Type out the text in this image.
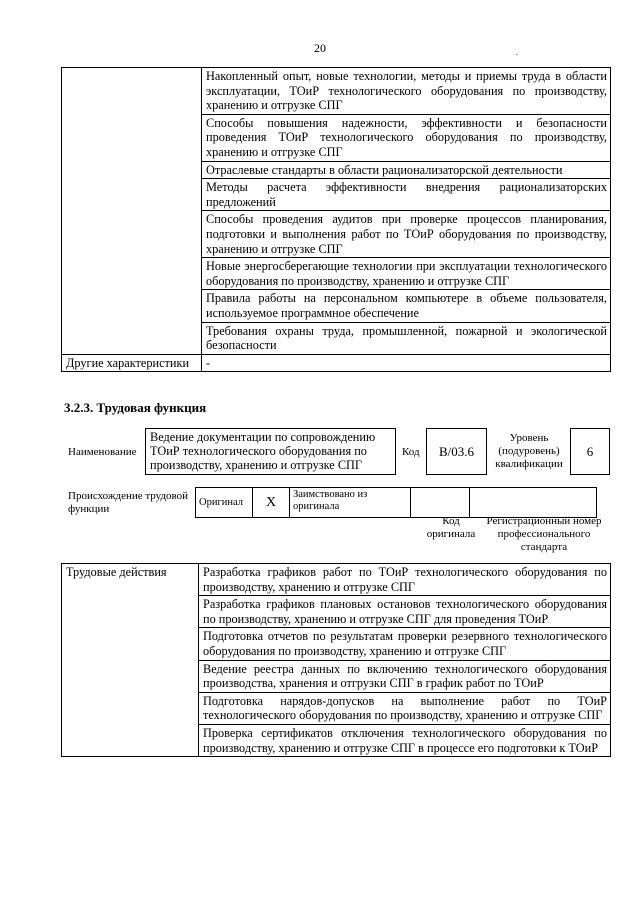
20	.
	Накопленный опыт, новые технологии, методы и приемы труда в области эксплуатации, ТОиР технологического оборудования по производству, хранению и отгрузке СПГ
	Способы повышения надежности, эффективности и безопасности проведения ТОиР технологического оборудования по производству, хранению и отгрузке СПГ
	Отраслевые стандарты в области рационализаторской деятельности
	Методы расчета эффективности внедрения рационализаторских предложений
	Способы проведения аудитов при проверке процессов планирования, подготовки и выполнения работ по ТОиР оборудования по производству, хранению и отгрузке СПГ
	Новые энергосберегающие технологии при эксплуатации технологического оборудования по производству, хранению и отгрузке СПГ
	Правила работы на персональном компьютере в объеме пользователя, используемое программное обеспечение
	Требования охраны труда, промышленной, пожарной и экологической безопасности
Другие характеристики	-
3.2.3. Трудовая функция
Наименование
Ведение документации по сопровождению ТОиР технологического оборудования по производству, хранению и отгрузке СПГ
Код	B/03.6
Уровень (подуровень) квалификации
6
Происхождение трудовой функции
Оригинал	X	Заимствовано из оригинала		
Код оригинала
Регистрационный номер профессионального стандарта
Трудовые действия	Разработка графиков работ по ТОиР технологического оборудования по производству, хранению и отгрузке СПГ
Разработка графиков плановых остановов технологического оборудования по производству, хранению и отгрузке СПГ для проведения ТОиР
Подготовка отчетов по результатам проверки резервного технологического оборудования по производству, хранению и отгрузке СПГ
Ведение реестра данных по включению технологического оборудования производства, хранения и отгрузки СПГ в график работ по ТОиР
Подготовка нарядов-допусков на выполнение работ по ТОиР технологического оборудования по производству, хранению и отгрузке СПГ
Проверка сертификатов отключения технологического оборудования по производству, хранению и отгрузке СПГ в процессе его подготовки к ТОиР
